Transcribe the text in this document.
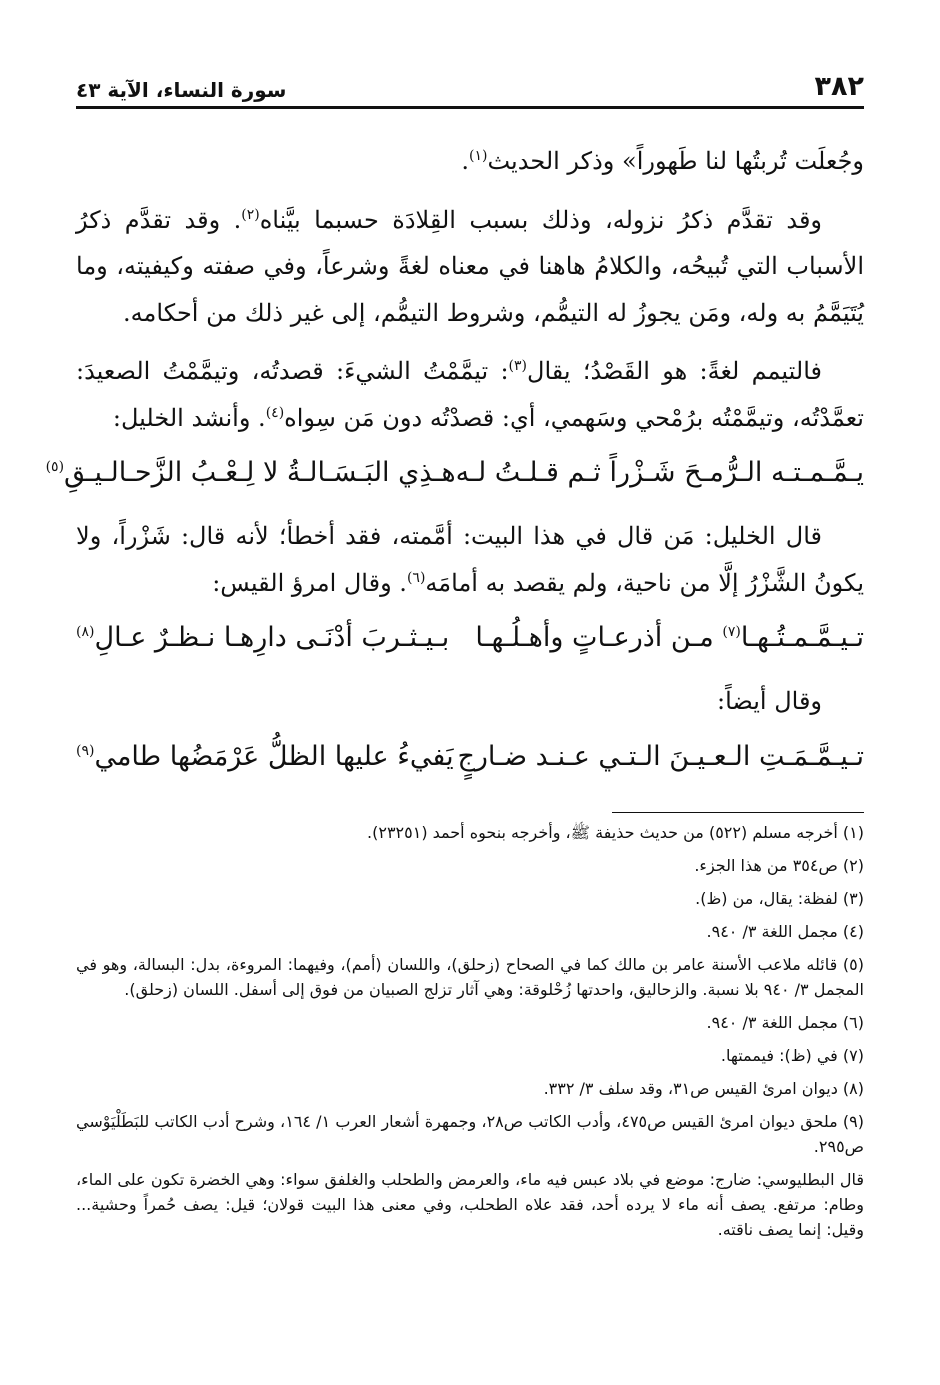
سورة النساء، الآية ٤٣	٣٨٢

وجُعلَت تُربتُها لنا طَهوراً» وذكر الحديث$^{(١)}$.

وقد تقدَّم ذكرُ نزوله، وذلك بسبب القِلادَة حسبما بيَّناه$^{(٢)}$. وقد تقدَّم ذكرُ الأسباب التي تُبيحُه، والكلامُ هاهنا في معناه لغةً وشرعاً، وفي صفته وكيفيته، وما يُتَيَمَّمُ به وله، ومَن يجوزُ له التيمُّم، وشروط التيمُّم، إلى غير ذلك من أحكامه.

فالتيمم لغةً: هو القَصْدُ؛ يقال$^{(٣)}$: تيمَّمْتُ الشيءَ: قصدتُه، وتيمَّمْتُ الصعيدَ: تعمَّدْتُه، وتيمَّمْتُه برُمْحي وسَهمي، أي: قصدْتُه دون مَن سِواه$^{(٤)}$. وأنشد الخليل:

يـمَّـمـتـه الـرُّمـحَ شَـزْراً ثـم قـلـتُ لـه
هـذِي البَـسَـالـةُ لا لِـعْـبُ الزَّحـالـيـقِ$^{(٥)}$

قال الخليل: مَن قال في هذا البيت: أمَّمته، فقد أخطأ؛ لأنه قال: شَزْراً، ولا يكونُ الشَّزْرُ إلَّا من ناحية، ولم يقصد به أمامَه$^{(٦)}$. وقال امرؤ القيس:

تـيـمَّـمـتُـهـا$^{(٧)}$ مـن أذرعـاتٍ وأهـلُـهـا
بـيـثـربَ أدْنَـى دارِهـا نـظـرٌ عـالِ$^{(٨)}$

وقال أيضاً:

تـيـمَّـمَـتِ الـعـيـنَ الـتـي عـنـد ضـارجٍ
يَفيءُ عليها الظلُّ عَرْمَضُها طامي$^{(٩)}$

(١) أخرجه مسلم (٥٢٢) من حديث حذيفة ﷺ، وأخرجه بنحوه أحمد (٢٣٢٥١).

(٢) ص٣٥٤ من هذا الجزء.

(٣) لفظة: يقال، من (ظ).

(٤) مجمل اللغة ٣/ ٩٤٠.

(٥) قائله ملاعب الأسنة عامر بن مالك كما في الصحاح (زحلق)، واللسان (أمم)، وفيهما: المروءة، بدل: البسالة، وهو في المجمل ٣/ ٩٤٠ بلا نسبة. والزحاليق، واحدتها زُحْلوقة: وهي آثار تزلج الصبيان من فوق إلى أسفل. اللسان (زحلق).

(٦) مجمل اللغة ٣/ ٩٤٠.

(٧) في (ظ): فيممتها.

(٨) ديوان امرئ القيس ص٣١، وقد سلف ٣/ ٣٣٢.

(٩) ملحق ديوان امرئ القيس ص٤٧٥، وأدب الكاتب ص٢٨، وجمهرة أشعار العرب ١/ ١٦٤، وشرح أدب الكاتب للبَطَلْيَوْسي ص٢٩٥.

قال البطليوسي: ضارج: موضع في بلاد عبس فيه ماء، والعرمض والطحلب والغلفق سواء: وهي الخضرة تكون على الماء، وطام: مرتفع. يصف أنه ماء لا يرده أحد، فقد علاه الطحلب، وفي معنى هذا البيت قولان؛ قيل: يصف حُمراً وحشية... وقيل: إنما يصف ناقته.
